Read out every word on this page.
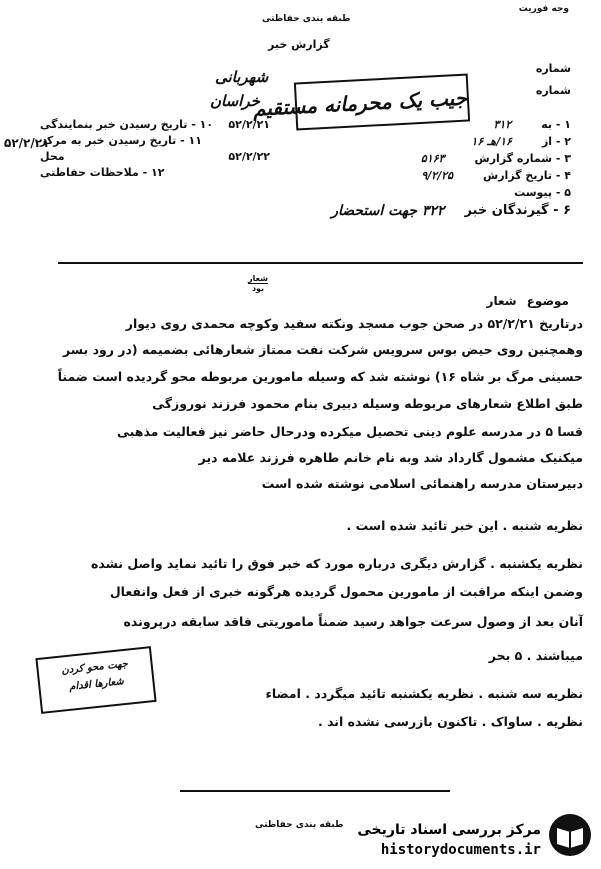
وجه فوریت
طبقه بندی حفاظتی
گزارش خبر
شماره
شماره
شهربانی
خراسان
جیب یک محرمانه مستقیم
۵۲/۲/۲۱
۱۰ - تاریخ رسیدن خبر بنمایندگی
۱۱ - تاریخ رسیدن خبر به مرکز
۵۲/۲/۲۲
محل
۱۲ - ملاحظات حفاظتی
۵۲/۲/۲۱
۱ - به
۳۱۲
۲ - از
۱۶/هـ ۱۶
۳ - شماره گزارش
۵۱۶۳
۴ - تاریخ گزارش
۹/۲/۲۵
۵ - پیوست
۶ - گیرندگان خبر
۳۲۲ جهت استحضار
موضوع شعار
شعار
بود
درتاریخ ۵۲/۲/۲۱ در صحن جوب مسجد ونکته سفید وکوچه محمدی روی دیوار
وهمچنین روی حیض بوس سرویس شرکت نفت ممتاز شعارهائی بضمیمه (در رود بسر
حسینی مرگ بر شاه ۱۶) نوشته شد که وسیله مامورین مربوطه محو گردیده است ضمناً
طبق اطلاع شعارهای مربوطه وسیله دبیری بنام محمود فرزند نوروزگی
قسا ۵ در مدرسه علوم دینی تحصیل میکرده ودرحال حاضر نیز فعالیت مذهبی
میکنیک مشمول گارداد شد وبه نام خانم طاهره فرزند علامه دیر
دبیرستان مدرسه راهنمائی اسلامی نوشته شده است
نظریه شنبه . این خبر تائید شده است .
نظریه یکشنبه . گزارش دیگری درباره مورد که خبر فوق را تائید نماید واصل نشده
وضمن اینکه مراقبت از مامورین محمول گردیده هرگونه خبری از فعل وانفعال
آنان بعد از وصول سرعت جواهد رسید ضمناً ماموریتی فاقد سابقه درپرونده
میباشند . ۵ بحر
نظریه سه شنبه . نظریه یکشنبه تائید میگردد . امضاء
نظریه . ساواک . تاکنون بازرسی نشده اند .
جهت محو کردن
شعارها اقدام
طبقه بندی حفاظتی مرکز بررسی اسناد تاریخی
historydocuments.ir
